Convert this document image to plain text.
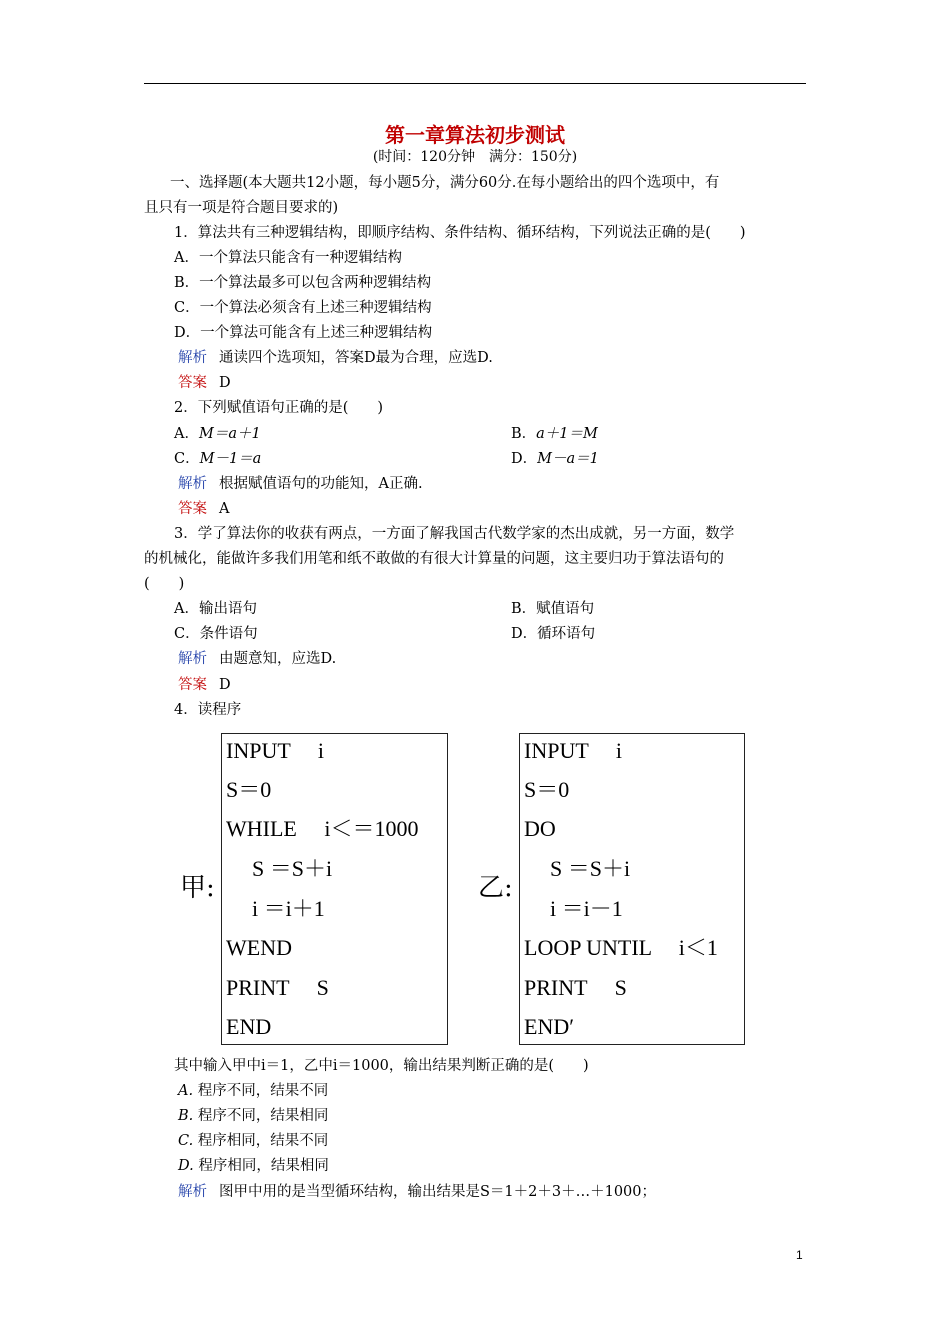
第一章算法初步测试
(时间：120分钟　满分：150分)
一、选择题(本大题共12小题，每小题5分，满分60分.在每小题给出的四个选项中，有
且只有一项是符合题目要求的)
1．算法共有三种逻辑结构，即顺序结构、条件结构、循环结构，下列说法正确的是(　　)
A．一个算法只能含有一种逻辑结构
B．一个算法最多可以包含两种逻辑结构
C．一个算法必须含有上述三种逻辑结构
D．一个算法可能含有上述三种逻辑结构
解析 通读四个选项知，答案D最为合理，应选D.
答案 D
2．下列赋值语句正确的是(　　)
A．M＝a＋1	B．a＋1＝M
C．M－1＝a	D．M－a＝1
解析 根据赋值语句的功能知，A正确.
答案 A
3．学了算法你的收获有两点，一方面了解我国古代数学家的杰出成就，另一方面，数学
的机械化，能做许多我们用笔和纸不敢做的有很大计算量的问题，这主要归功于算法语句的
(　　)
A．输出语句	B．赋值语句
C．条件语句	D．循环语句
解析 由题意知，应选D.
答案 D
4．读程序
甲:
INPUT　 i
S＝0
WHILE　 i＜＝1000
S ＝S＋i
i ＝i＋1
WEND
PRINT　 S
END
乙:
INPUT　 i
S＝0
DO
S ＝S＋i
i ＝i－1
LOOP UNTIL　 i＜1
PRINT　 S
END′
其中输入甲中i＝1，乙中i＝1000，输出结果判断正确的是(　　)
A. 程序不同，结果不同
B. 程序不同，结果相同
C. 程序相同，结果不同
D. 程序相同，结果相同
解析 图甲中用的是当型循环结构，输出结果是S＝1＋2＋3＋…＋1000；
1
